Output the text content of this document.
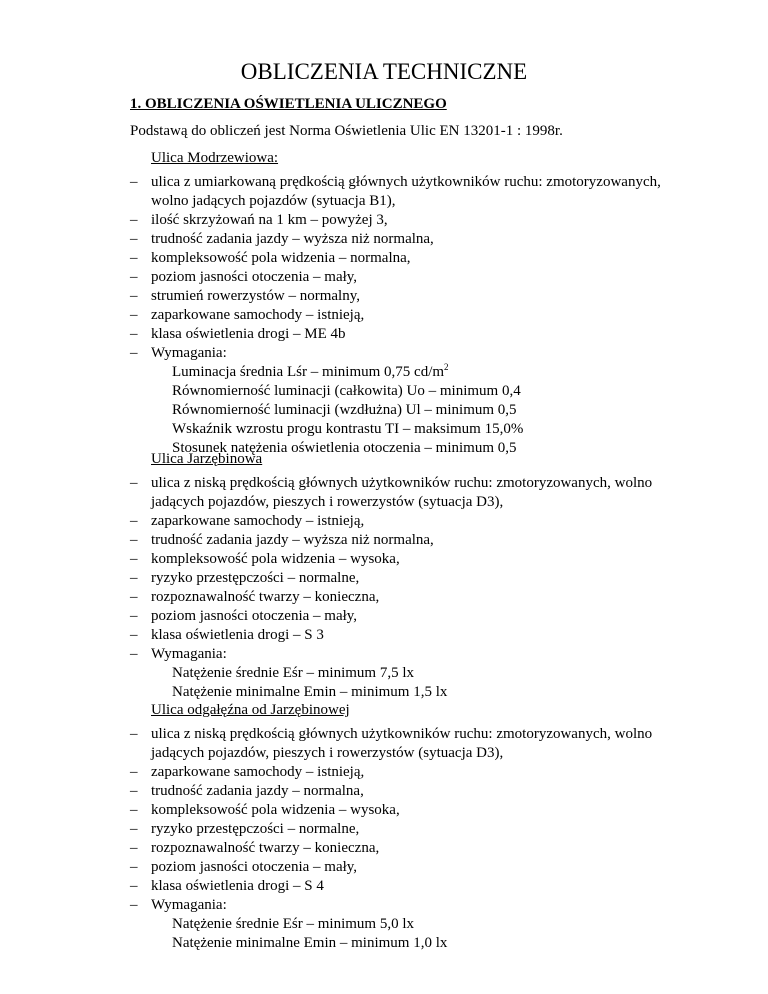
OBLICZENIA TECHNICZNE
1. OBLICZENIA OŚWIETLENIA ULICZNEGO
Podstawą do obliczeń jest Norma Oświetlenia Ulic EN 13201-1 : 1998r.
Ulica Modrzewiowa:
– ulica z umiarkowaną prędkością głównych użytkowników ruchu: zmotoryzowanych, wolno jadących pojazdów (sytuacja B1),
– ilość skrzyżowań na 1 km – powyżej 3,
– trudność zadania jazdy – wyższa niż normalna,
– kompleksowość pola widzenia – normalna,
– poziom jasności otoczenia – mały,
– strumień rowerzystów – normalny,
– zaparkowane samochody – istnieją,
– klasa oświetlenia drogi – ME 4b
– Wymagania:
Luminacja średnia Lśr – minimum 0,75 $cd/m^2$
Równomierność luminacji (całkowita) Uo – minimum 0,4
Równomierność luminacji (wzdłużna) Ul – minimum 0,5
Wskaźnik wzrostu progu kontrastu TI – maksimum 15,0%
Stosunek natężenia oświetlenia otoczenia – minimum 0,5
Ulica Jarzębinowa
– ulica z niską prędkością głównych użytkowników ruchu: zmotoryzowanych, wolno jadących pojazdów, pieszych i rowerzystów (sytuacja D3),
– zaparkowane samochody – istnieją,
– trudność zadania jazdy – wyższa niż normalna,
– kompleksowość pola widzenia – wysoka,
– ryzyko przestępczości – normalne,
– rozpoznawalność twarzy – konieczna,
– poziom jasności otoczenia – mały,
– klasa oświetlenia drogi – S 3
– Wymagania:
Natężenie średnie Eśr – minimum 7,5 lx
Natężenie minimalne Emin – minimum 1,5 lx
Ulica odgałęźna od Jarzębinowej
– ulica z niską prędkością głównych użytkowników ruchu: zmotoryzowanych, wolno jadących pojazdów, pieszych i rowerzystów (sytuacja D3),
– zaparkowane samochody – istnieją,
– trudność zadania jazdy – normalna,
– kompleksowość pola widzenia – wysoka,
– ryzyko przestępczości – normalne,
– rozpoznawalność twarzy – konieczna,
– poziom jasności otoczenia – mały,
– klasa oświetlenia drogi – S 4
– Wymagania:
Natężenie średnie Eśr – minimum 5,0 lx
Natężenie minimalne Emin – minimum 1,0 lx
